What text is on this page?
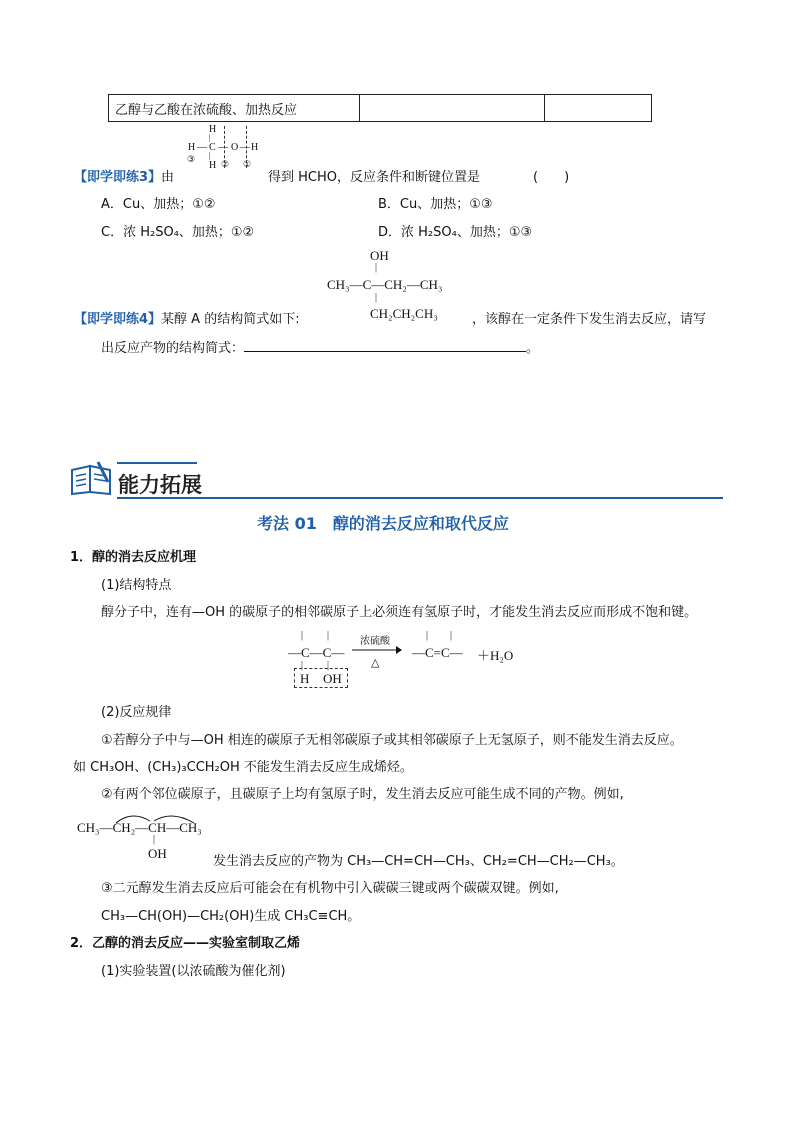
乙醇与乙酸在浓硫酸、加热反应		
H
|
H — C — O — H
|
H
③	② ①
【即学即练3】由	得到 HCHO，反应条件和断键位置是	(　　)
A．Cu、加热；①②	B．Cu、加热；①③
C．浓 H₂SO₄、加热；①②	D．浓 H₂SO₄、加热；①③
OH
|
CH₃—C—CH₂—CH₃
|
CH₂CH₂CH₃
【即学即练4】某醇 A 的结构简式如下:	，该醇在一定条件下发生消去反应，请写
出反应产物的结构简式：	。
能力拓展
考法 01　醇的消去反应和取代反应
1．醇的消去反应机理
(1)结构特点
醇分子中，连有—OH 的碳原子的相邻碳原子上必须连有氢原子时，才能发生消去反应而形成不饱和键。
| |
—C—C—
| |
H OH
浓硫酸
△
| |
—C=C— ＋H₂O
(2)反应规律
①若醇分子中与—OH 相连的碳原子无相邻碳原子或其相邻碳原子上无氢原子，则不能发生消去反应。
如 CH₃OH、(CH₃)₃CCH₂OH 不能发生消去反应生成烯烃。
②有两个邻位碳原子，且碳原子上均有氢原子时，发生消去反应可能生成不同的产物。例如,
CH₃—CH₂—CH—CH₃
|
OH
发生消去反应的产物为 CH₃—CH=CH—CH₃、CH₂=CH—CH₂—CH₃。
③二元醇发生消去反应后可能会在有机物中引入碳碳三键或两个碳碳双键。例如,
CH₃—CH(OH)—CH₂(OH)生成 CH₃C≡CH。
2．乙醇的消去反应——实验室制取乙烯
(1)实验装置(以浓硫酸为催化剂)
